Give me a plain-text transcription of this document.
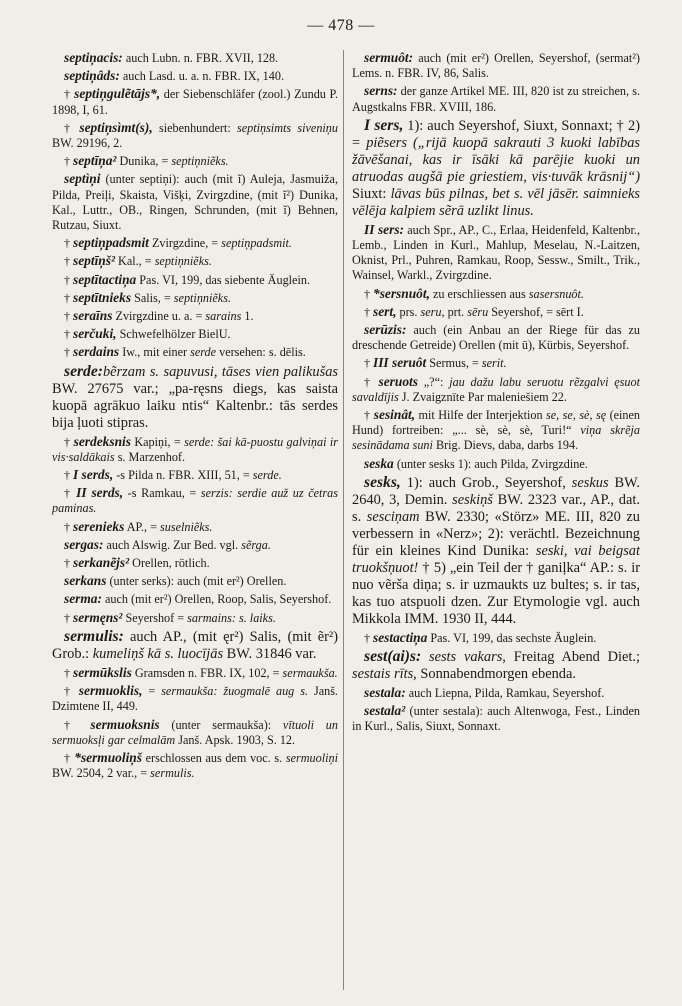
— 478 —

septiņacis: auch Lubn. n. FBR. XVII, 128.

septiņâds: auch Lasd. u. a. n. FBR. IX, 140.

† septiņgulẽtājs*, der Siebenschläfer (zool.) Zundu P. 1898, I, 61.

† septiņsìmt(s), siebenhundert: septiņsimts siveniņu BW. 29196, 2.

† septīņa² Dunika, = septiņniẽks.

septìņi (unter septiņi): auch (mit ĩ) Auleja, Jasmuiža, Pilda, Preiļi, Skaista, Višķi, Zvirgzdine, (mit ĩ²) Dunika, Kal., Luttr., OB., Ringen, Schrunden, (mit ĩ) Behnen, Rutzau, Siuxt.

† septiņpadsmit Zvirgzdine, = septiņpadsmit.

† septīņš² Kal., = septiņniẽks.

† septītactiņa Pas. VI, 199, das siebente Äuglein.

† septītnieks Salis, = septiņniẽks.

† seraīns Zvirgzdine u. a. = sarains 1.

† serčuki, Schwefelhölzer BielU.

† serdains Iw., mit einer serde versehen: s. dēlis.

serde:bẽrzam s. sapuvusi, tāses vien palikušas BW. 27675 var.; „pa-ręsns diegs, kas saista kuopā agrākuo laiku ntis“ Kaltenbr.: tās serdes bija ļuoti stipras.

† serdeksnis Kapiņi, = serde: šai kā-puostu galviņai ir vis·saldākais s. Marzenhof.

† I serds, -s Pilda n. FBR. XIII, 51, = serde.

† II serds, -s Ramkau, = serzis: serdie auž uz četras paminas.

† serenieks AP., = suselniẽks.

sergas: auch Alswig. Zur Bed. vgl. sẽrga.

† serkanẽjs² Orellen, rötlich.

serkans (unter serks): auch (mit er²) Orellen.

serma: auch (mit er²) Orellen, Roop, Salis, Seyershof.

† sermęns² Seyershof = sarmains: s. laiks.

sermulis: auch AP., (mit ęr²) Salis, (mit ẽr²) Grob.: kumeliņš kā s. luocījās BW. 31846 var.

† sermūkslis Gramsden n. FBR. IX, 102, = sermaukša.

† sermuoklis, = sermaukša: žuogmalē aug s. Janš. Dzimtene II, 449.

† sermuoksnis (unter sermaukša): vītuoli un sermuoksļi gar celmalām Janš. Apsk. 1903, S. 12.

† *sermuoliņš erschlossen aus dem voc. s. sermuoliņi BW. 2504, 2 var., = sermulis.

sermuôt: auch (mit er²) Orellen, Seyershof, (sermat²) Lems. n. FBR. IV, 86, Salis.

serns: der ganze Artikel ME. III, 820 ist zu streichen, s. Augstkalns FBR. XVIII, 186.

I sers, 1): auch Seyershof, Siuxt, Sonnaxt; † 2) = piẽsers („rijā kuopā sakrauti 3 kuoki labības žāvēšanai, kas ir īsāki kā parējie kuoki un atruodas augšā pie griestiem, vis·tuvāk krāsnij“) Siuxt: lāvas būs pilnas, bet s. vēl jāsēr. saimnieks vēlēja kalpiem sẽrā uzlikt linus.

II sers: auch Spr., AP., C., Erlaa, Heidenfeld, Kaltenbr., Lemb., Linden in Kurl., Mahlup, Meselau, N.-Laitzen, Oknist, Prl., Puhren, Ramkau, Roop, Sessw., Smilt., Trik., Wainsel, Warkl., Zvirgzdine.

† *sersnuôt, zu erschliessen aus sasersnuôt.

† sert, prs. seru, prt. sēru Seyershof, = sērt I.

serūzis: auch (ein Anbau an der Riege für das zu dreschende Getreide) Orellen (mit ū), Kürbis, Seyershof.

† III seruôt Sermus, = serit.

† seruots „?“: jau dažu labu seruotu rẽzgalvi ęsuot savaldījis J. Zvaigznīte Par maleniešiem 22.

† sesinât, mit Hilfe der Interjektion se, se, sè, sę (einen Hund) fortreiben: „... sè, sè, sè, Turi!“ viņa skrẽja sesinādama suni Brig. Dievs, daba, darbs 194.

seska (unter sesks 1): auch Pilda, Zvirgzdine.

sesks, 1): auch Grob., Seyershof, seskus BW. 2640, 3, Demin. seskiņš BW. 2323 var., AP., dat. s. sesciņam BW. 2330; «Störz» ME. III, 820 zu verbessern in «Nerz»; 2): verächtl. Bezeichnung für ein kleines Kind Dunika: seski, vai beigsat truokšņuot! † 5) „ein Teil der † ganiļka“ AP.: s. ir nuo vẽrša diņa; s. ir uzmaukts uz bultes; s. ir tas, kas tuo atspuoli dzen. Zur Etymologie vgl. auch Mikkola IMM. 1930 II, 444.

† sestactiņa Pas. VI, 199, das sechste Äuglein.

sest(ai)s: sests vakars, Freitag Abend Diet.; sestais rīts, Sonnabendmorgen ebenda.

sestala: auch Liepna, Pilda, Ramkau, Seyershof.

sestala² (unter sestala): auch Altenwoga, Fest., Linden in Kurl., Salis, Siuxt, Sonnaxt.
